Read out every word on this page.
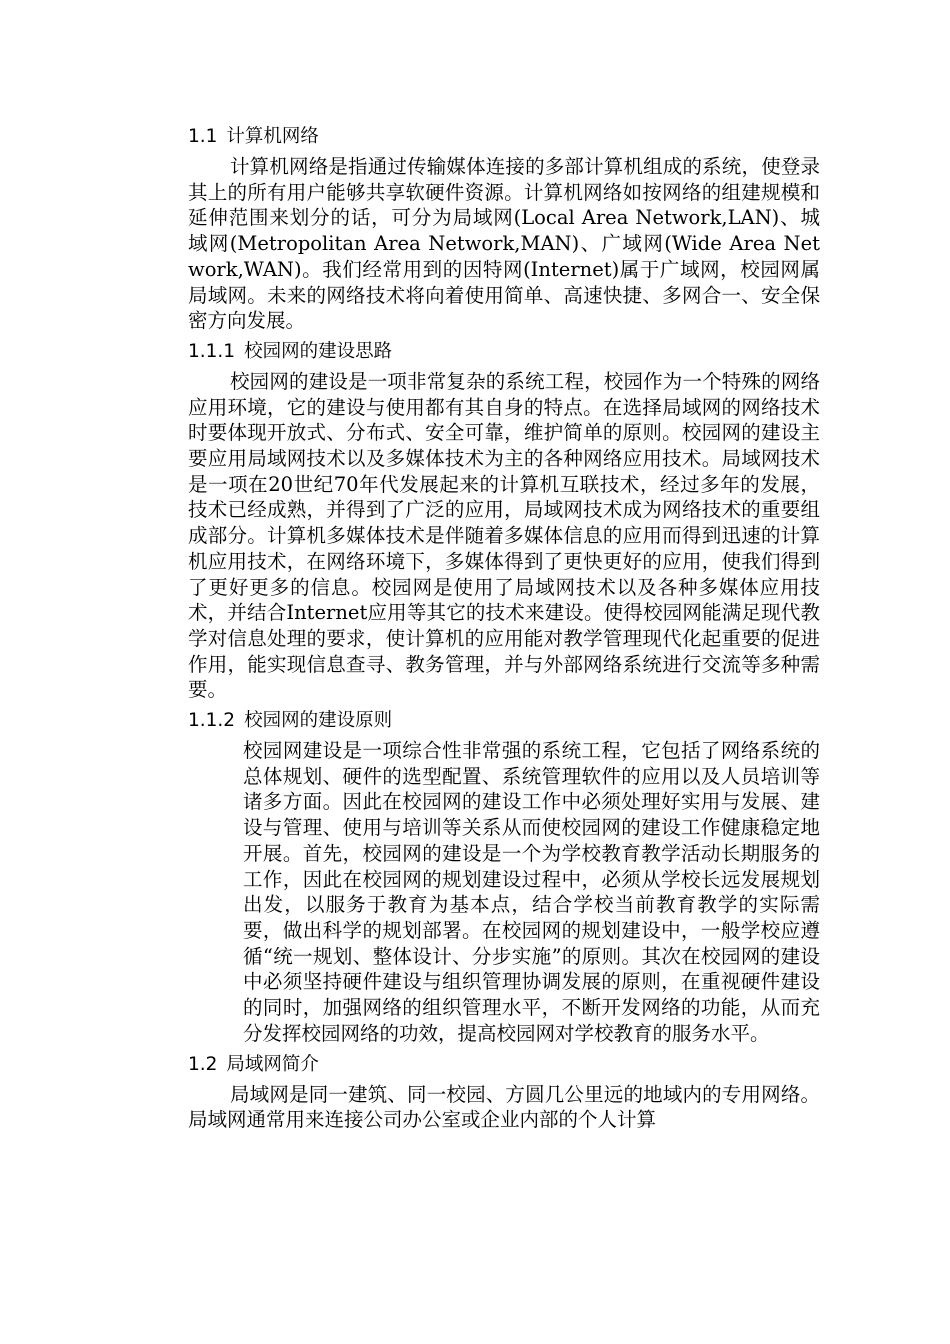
1.1 计算机网络

计算机网络是指通过传输媒体连接的多部计算机组成的系统，使登录其上的所有用户能够共享软硬件资源。计算机网络如按网络的组建规模和延伸范围来划分的话，可分为局域网(Local Area Network,LAN)、城域网(Metropolitan Area Network,MAN)、广域网(Wide Area Network,WAN)。我们经常用到的因特网(Internet)属于广域网，校园网属局域网。未来的网络技术将向着使用简单、高速快捷、多网合一、安全保密方向发展。

1.1.1 校园网的建设思路

校园网的建设是一项非常复杂的系统工程，校园作为一个特殊的网络应用环境，它的建设与使用都有其自身的特点。在选择局域网的网络技术时要体现开放式、分布式、安全可靠，维护简单的原则。校园网的建设主要应用局域网技术以及多媒体技术为主的各种网络应用技术。局域网技术是一项在20世纪70年代发展起来的计算机互联技术，经过多年的发展，技术已经成熟，并得到了广泛的应用，局域网技术成为网络技术的重要组成部分。计算机多媒体技术是伴随着多媒体信息的应用而得到迅速的计算机应用技术，在网络环境下，多媒体得到了更快更好的应用，使我们得到了更好更多的信息。校园网是使用了局域网技术以及各种多媒体应用技术，并结合Internet应用等其它的技术来建设。使得校园网能满足现代教学对信息处理的要求，使计算机的应用能对教学管理现代化起重要的促进作用，能实现信息查寻、教务管理，并与外部网络系统进行交流等多种需要。

1.1.2 校园网的建设原则

校园网建设是一项综合性非常强的系统工程，它包括了网络系统的总体规划、硬件的选型配置、系统管理软件的应用以及人员培训等诸多方面。因此在校园网的建设工作中必须处理好实用与发展、建设与管理、使用与培训等关系从而使校园网的建设工作健康稳定地开展。首先，校园网的建设是一个为学校教育教学活动长期服务的工作，因此在校园网的规划建设过程中，必须从学校长远发展规划出发，以服务于教育为基本点，结合学校当前教育教学的实际需要，做出科学的规划部署。在校园网的规划建设中，一般学校应遵循“统一规划、整体设计、分步实施”的原则。其次在校园网的建设中必须坚持硬件建设与组织管理协调发展的原则，在重视硬件建设的同时，加强网络的组织管理水平，不断开发网络的功能，从而充分发挥校园网络的功效，提高校园网对学校教育的服务水平。

1.2 局域网简介

局域网是同一建筑、同一校园、方圆几公里远的地域内的专用网络。局域网通常用来连接公司办公室或企业内部的个人计算
